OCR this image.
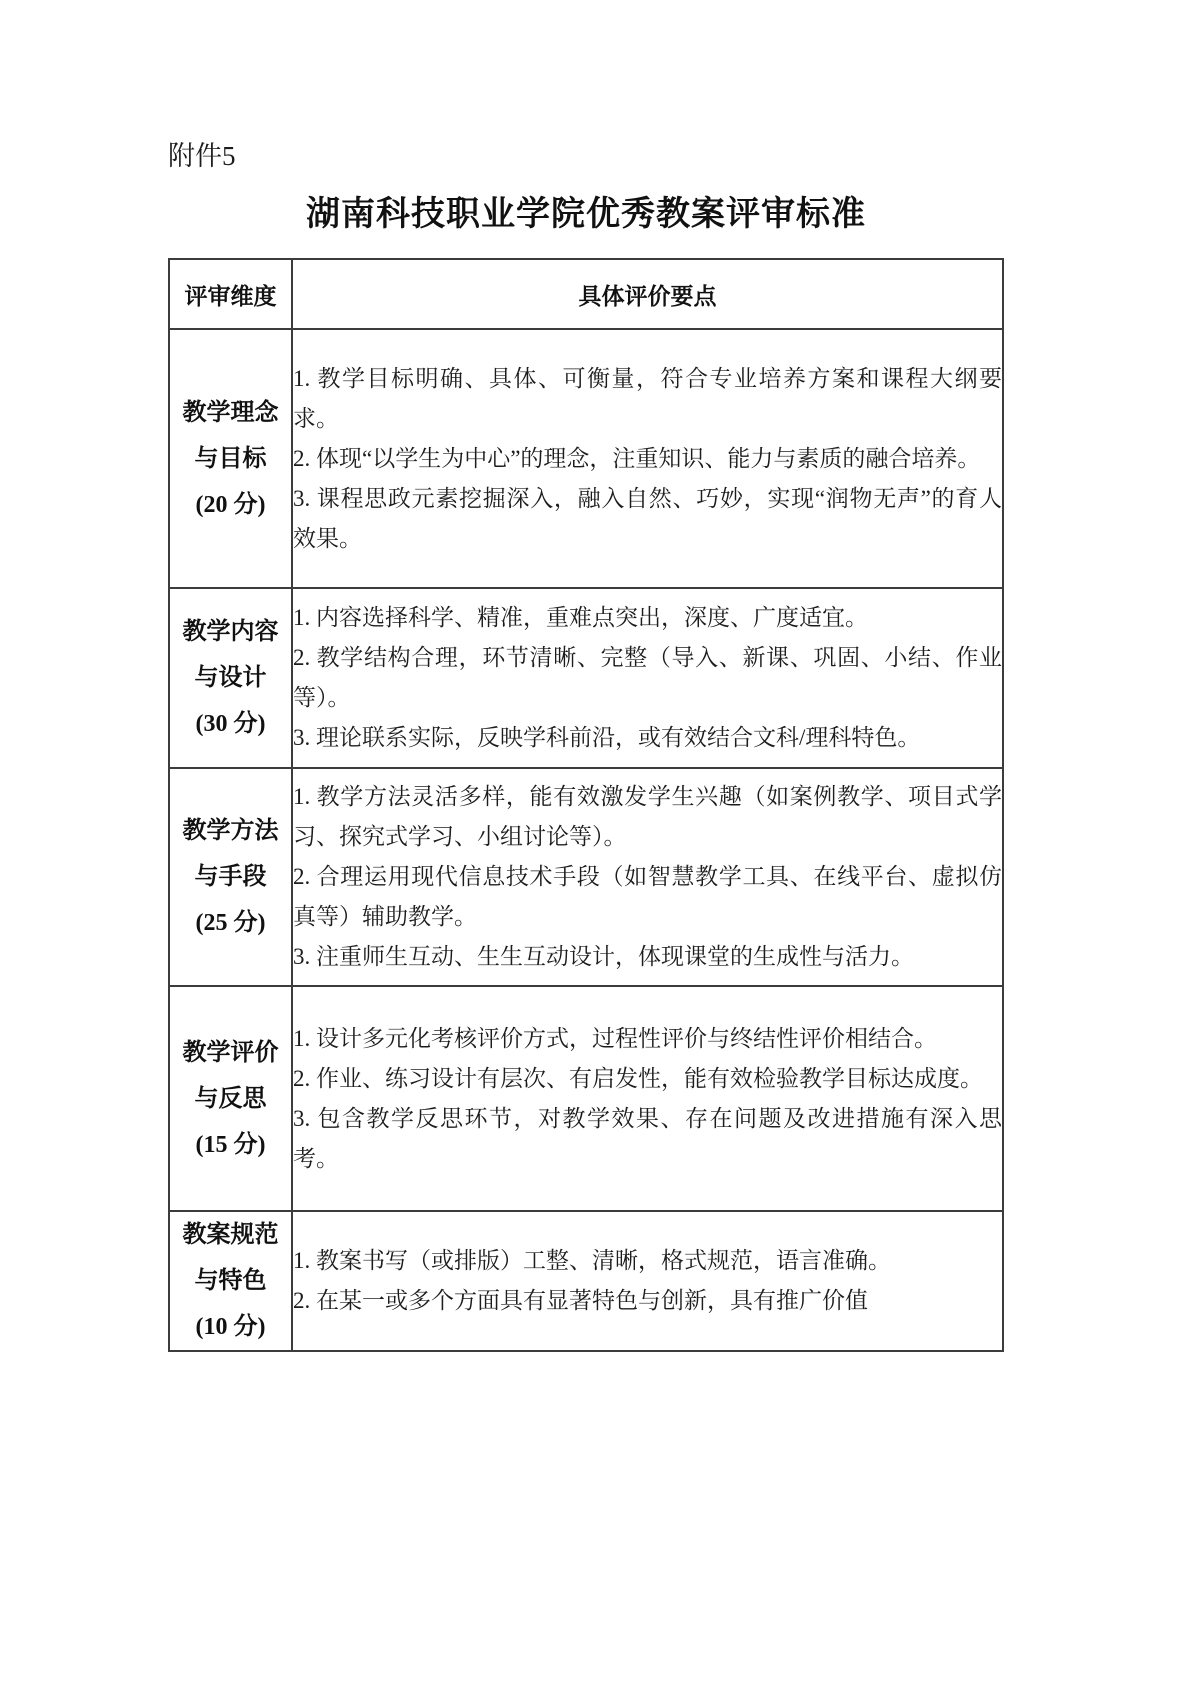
附件5
湖南科技职业学院优秀教案评审标准
评审维度	具体评价要点

教学理念
与目标
(20 分)

1. 教学目标明确、具体、可衡量，符合专业培养方案和课程大纲要求。
2. 体现“以学生为中心”的理念，注重知识、能力与素质的融合培养。
3. 课程思政元素挖掘深入，融入自然、巧妙，实现“润物无声”的育人效果。

教学内容
与设计
(30 分)

1. 内容选择科学、精准，重难点突出，深度、广度适宜。
2. 教学结构合理，环节清晰、完整（导入、新课、巩固、小结、作业等）。
3. 理论联系实际，反映学科前沿，或有效结合文科/理科特色。

教学方法
与手段
(25 分)

1. 教学方法灵活多样，能有效激发学生兴趣（如案例教学、项目式学习、探究式学习、小组讨论等）。
2. 合理运用现代信息技术手段（如智慧教学工具、在线平台、虚拟仿真等）辅助教学。
3. 注重师生互动、生生互动设计，体现课堂的生成性与活力。

教学评价
与反思
(15 分)

1. 设计多元化考核评价方式，过程性评价与终结性评价相结合。
2. 作业、练习设计有层次、有启发性，能有效检验教学目标达成度。
3. 包含教学反思环节，对教学效果、存在问题及改进措施有深入思考。

教案规范
与特色
(10 分)

1. 教案书写（或排版）工整、清晰，格式规范，语言准确。
2. 在某一或多个方面具有显著特色与创新，具有推广价值
